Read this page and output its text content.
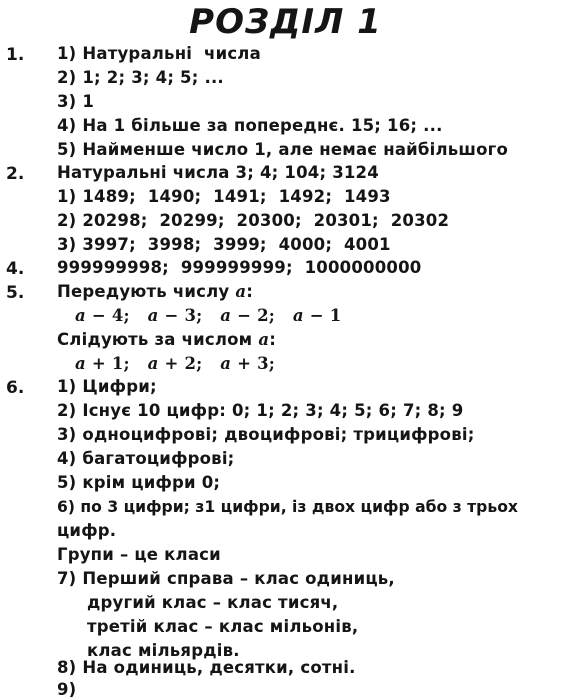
РОЗДІЛ 1
1. 1) Натуральні  числа
2) 1; 2; 3; 4; 5; ...
3) 1
4) На 1 більше за попереднє. 15; 16; ...
5) Найменше число 1, але немає найбільшого
2. Натуральні числа 3; 4; 104; 3124
1) 1489;  1490;  1491;  1492;  1493
2) 20298;  20299;  20300;  20301;  20302
3) 3997;  3998;  3999;  4000;  4001
4. 999999998;  999999999;  1000000000
5. Передують числу a:
a − 4;   a − 3;   a − 2;   a − 1
Слідують за числом a:
a + 1;   a + 2;   a + 3;
6. 1) Цифри;
2) Існує 10 цифр: 0; 1; 2; 3; 4; 5; 6; 7; 8; 9
3) одноцифрові; двоцифрові; трицифрові;
4) багатоцифрові;
5) крім цифри 0;
6) по 3 цифри; з1 цифри, із двох цифр або з трьох
цифр.
Групи – це класи
7) Перший справа – клас одиниць,
другий клас – клас тисяч,
третій клас – клас мільонів,
клас мільярдів.
8) На одиниць, десятки, сотні.
9)
